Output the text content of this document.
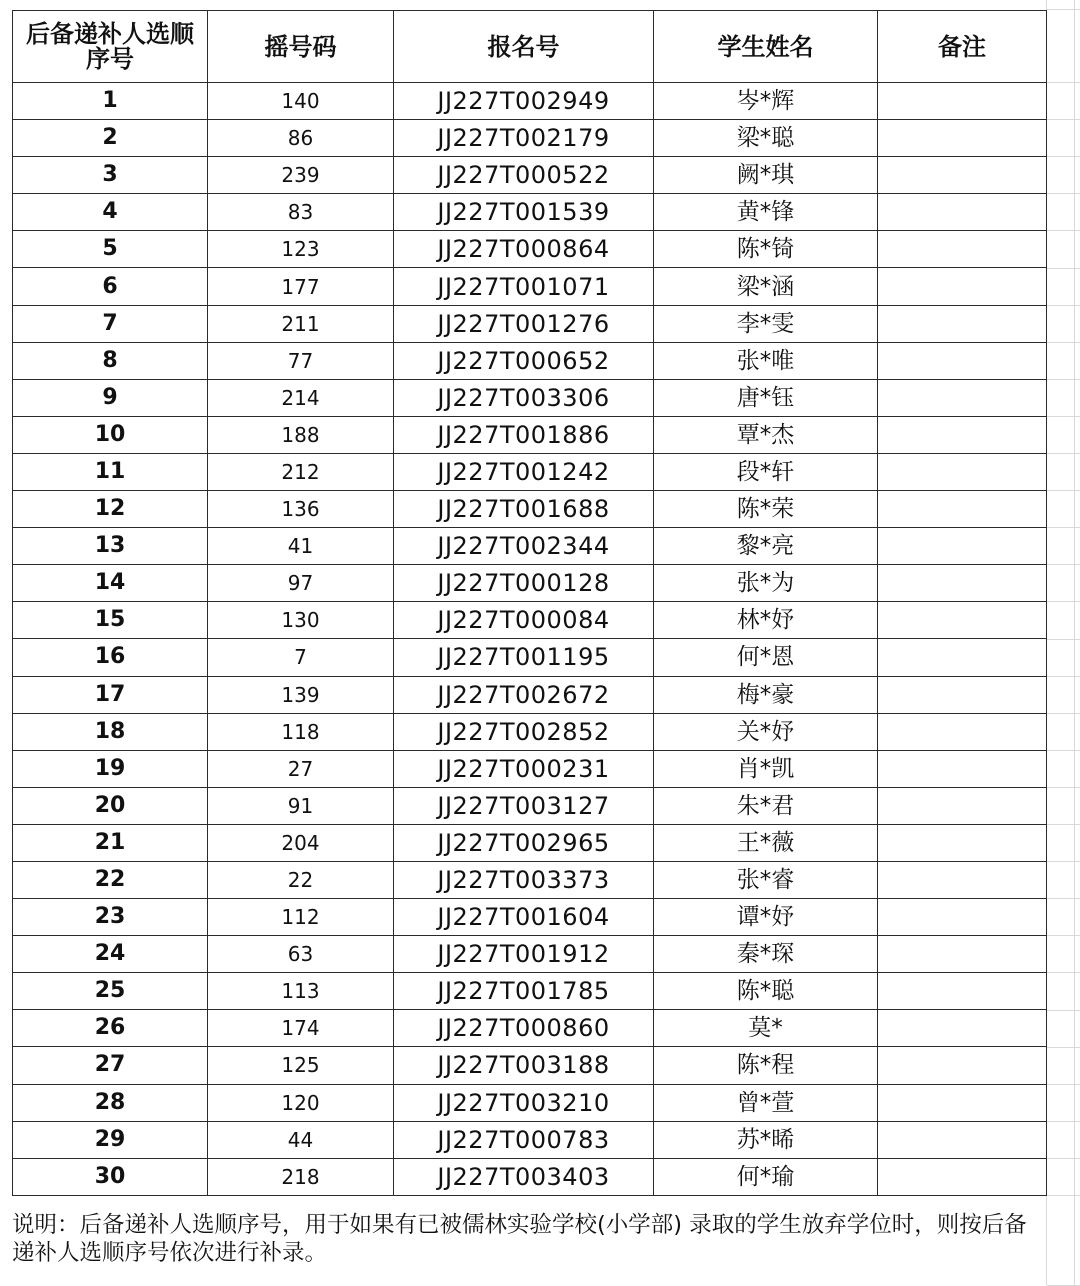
后备递补人选顺序号	摇号码	报名号	学生姓名	备注
1	140	JJ227T002949	岑*辉	
2	86	JJ227T002179	梁*聪	
3	239	JJ227T000522	阙*琪	
4	83	JJ227T001539	黄*锋	
5	123	JJ227T000864	陈*锜	
6	177	JJ227T001071	梁*涵	
7	211	JJ227T001276	李*雯	
8	77	JJ227T000652	张*唯	
9	214	JJ227T003306	唐*钰	
10	188	JJ227T001886	覃*杰	
11	212	JJ227T001242	段*轩	
12	136	JJ227T001688	陈*荣	
13	41	JJ227T002344	黎*亮	
14	97	JJ227T000128	张*为	
15	130	JJ227T000084	林*妤	
16	7	JJ227T001195	何*恩	
17	139	JJ227T002672	梅*豪	
18	118	JJ227T002852	关*妤	
19	27	JJ227T000231	肖*凯	
20	91	JJ227T003127	朱*君	
21	204	JJ227T002965	王*薇	
22	22	JJ227T003373	张*睿	
23	112	JJ227T001604	谭*妤	
24	63	JJ227T001912	秦*琛	
25	113	JJ227T001785	陈*聪	
26	174	JJ227T000860	莫*	
27	125	JJ227T003188	陈*程	
28	120	JJ227T003210	曾*萱	
29	44	JJ227T000783	苏*晞	
30	218	JJ227T003403	何*瑜	
说明：后备递补人选顺序号，用于如果有已被儒林实验学校(小学部) 录取的学生放弃学位时，则按后备递补人选顺序号依次进行补录。
